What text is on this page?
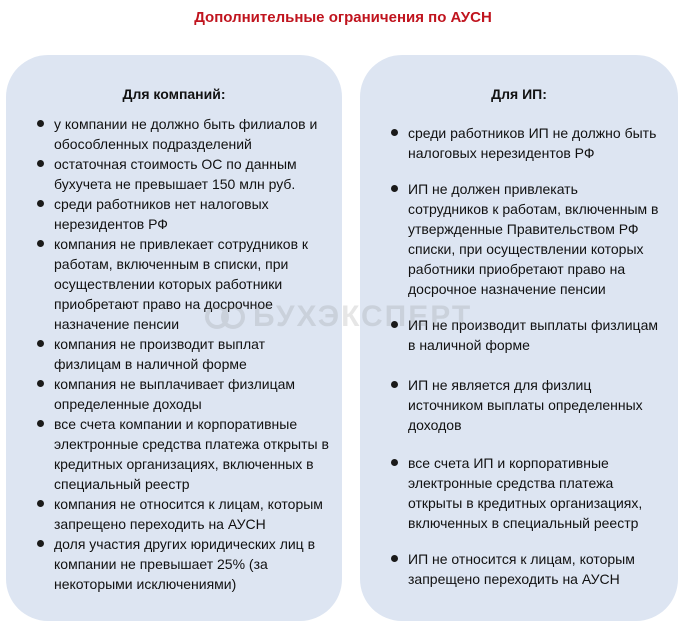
Дополнительные ограничения по АУСН
Для компаний:
у компании не должно быть филиалов и обособленных подразделений
остаточная стоимость ОС по данным бухучета не превышает 150 млн руб.
среди работников нет налоговых нерезидентов РФ
компания не привлекает сотрудников к работам, включенным в списки, при осуществлении которых работники приобретают право на досрочное назначение пенсии
компания не производит выплат физлицам в наличной форме
компания не выплачивает физлицам определенные доходы
все счета компании и корпоративные электронные средства платежа открыты в кредитных организациях, включенных в специальный реестр
компания не относится к лицам, которым запрещено переходить на АУСН
доля участия других юридических лиц в компании не превышает 25% (за некоторыми исключениями)
Для ИП:
среди работников ИП не должно быть налоговых нерезидентов РФ
ИП не должен привлекать сотрудников к работам, включенным в утвержденные Правительством РФ списки, при осуществлении которых работники приобретают право на досрочное назначение пенсии
ИП не производит выплаты физлицам в наличной форме
ИП не является для физлиц источником выплаты определенных доходов
все счета ИП и корпоративные электронные средства платежа открыты в кредитных организациях, включенных в специальный реестр
ИП не относится к лицам, которым запрещено переходить на АУСН
